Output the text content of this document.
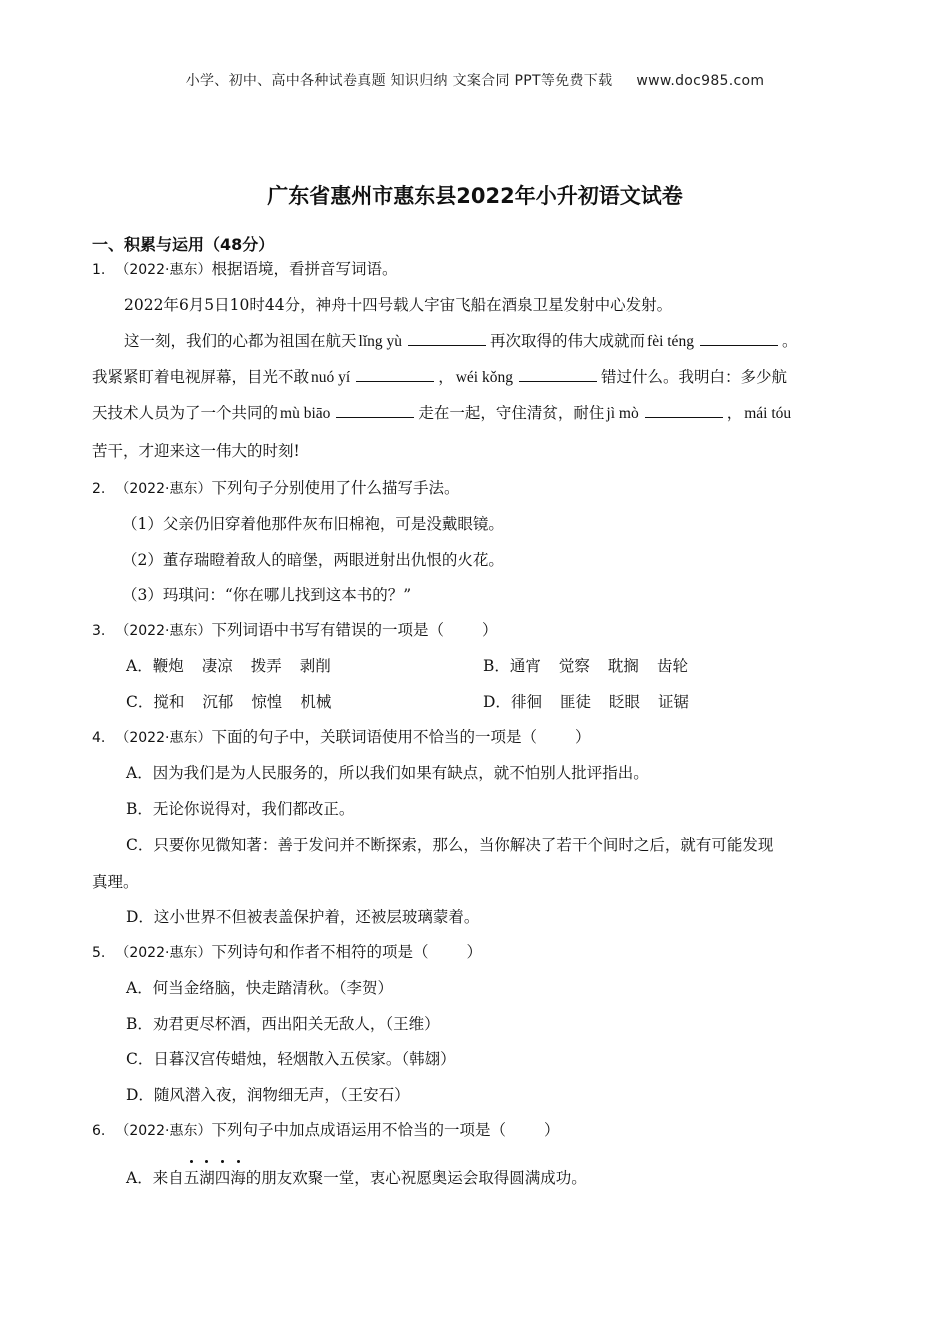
小学、初中、高中各种试卷真题 知识归纳 文案合同 PPT等免费下载 www.doc985.com
广东省惠州市惠东县2022年小升初语文试卷
一、积累与运用（48分）
1. （2022·惠东）根据语境，看拼音写词语。
2022年6月5日10时44分，神舟十四号载人宇宙飞船在酒泉卫星发射中心发射。
这一刻，我们的心都为祖国在航天 lǐng yù	再次取得的伟大成就而 fèi téng	。
我紧紧盯着电视屏幕，目光不敢 nuó yí	， wéi kǒng	错过什么。我明白：多少航
天技术人员为了一个共同的 mù biāo	走在一起，守住清贫，耐住 jì mò	， mái tóu
苦干，才迎来这一伟大的时刻!
2. （2022·惠东）下列句子分别使用了什么描写手法。
（1）父亲仍旧穿着他那件灰布旧棉袍，可是没戴眼镜。
（2）董存瑞瞪着敌人的暗堡，两眼迸射出仇恨的火花。
（3）玛琪问：“你在哪儿找到这本书的？”
3. （2022·惠东）下列词语中书写有错误的一项是（ ）
A．鞭炮 凄凉 拨弄 剥削	B．通宵 觉察 耽搁 齿轮
C．搅和 沉郁 惊惶 机械	D．徘徊 匪徒 眨眼 证锯
4. （2022·惠东）下面的句子中，关联词语使用不恰当的一项是（ ）
A．因为我们是为人民服务的，所以我们如果有缺点，就不怕别人批评指出。
B．无论你说得对，我们都改正。
C．只要你见微知著：善于发问并不断探索，那么，当你解决了若干个间时之后，就有可能发现
真理。
D．这小世界不但被表盖保护着，还被层玻璃蒙着。
5. （2022·惠东）下列诗句和作者不相符的项是（ ）
A．何当金络脑，快走踏清秋。（李贺）
B．劝君更尽杯酒，西出阳关无敌人，（王维）
C．日暮汉宫传蜡烛，轻烟散入五侯家。（韩翃）
D．随风潜入夜，润物细无声，（王安石）
6. （2022·惠东）下列句子中加点成语运用不恰当的一项是（ ）
A．来自
五
湖
四
海的朋友欢聚一堂，衷心祝愿奥运会取得圆满成功。
